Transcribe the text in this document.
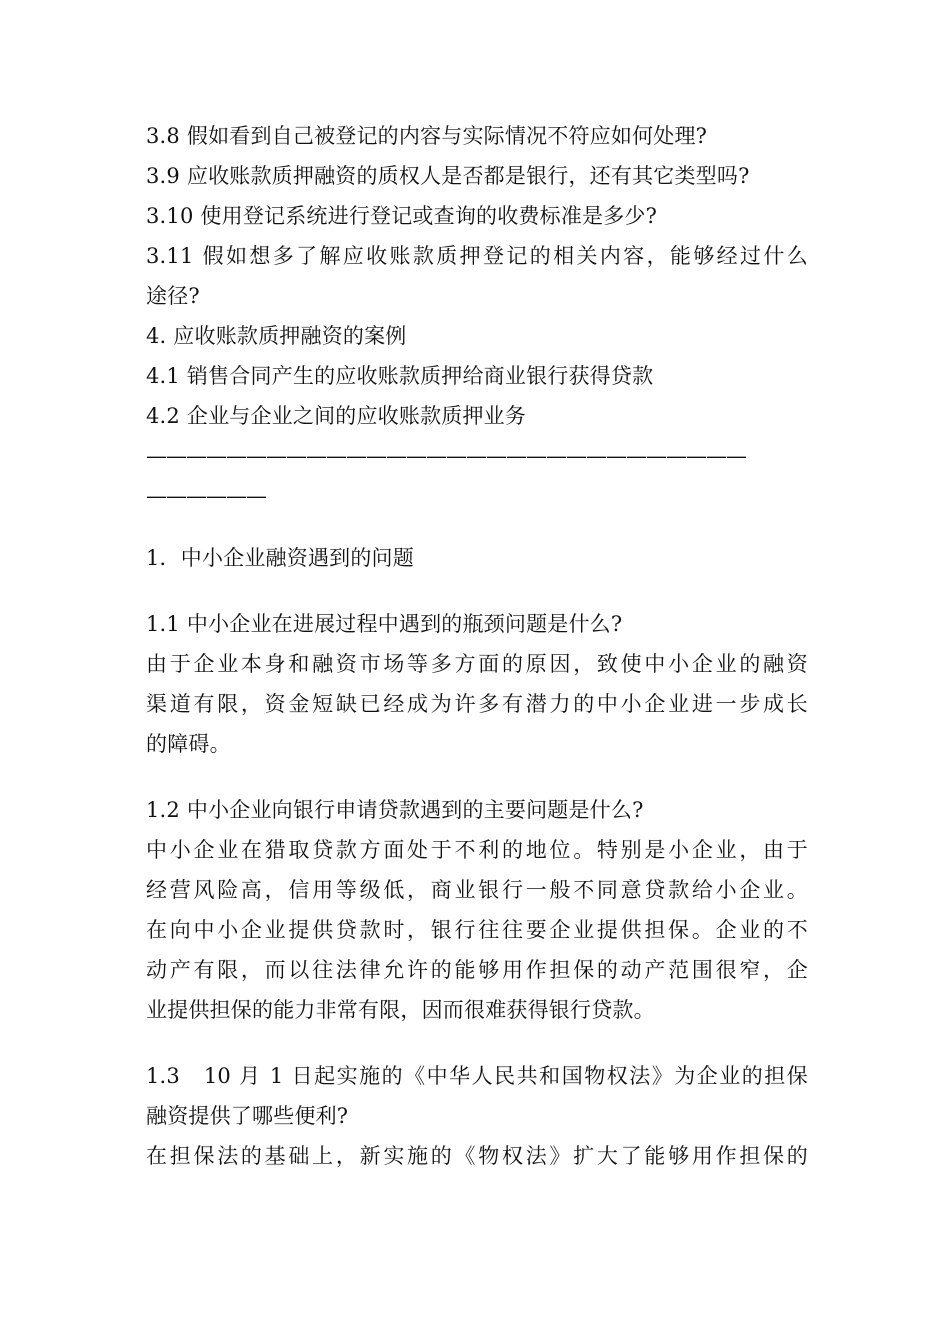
3.8 假如看到自己被登记的内容与实际情况不符应如何处理?
3.9 应收账款质押融资的质权人是否都是银行，还有其它类型吗?
3.10 使用登记系统进行登记或查询的收费标准是多少?
3.11 假如想多了解应收账款质押登记的相关内容，能够经过什么
途径?
4. 应收账款质押融资的案例
4.1 销售合同产生的应收账款质押给商业银行获得贷款
4.2 企业与企业之间的应收账款质押业务
——————————————————————————————
——————
1．中小企业融资遇到的问题
1.1 中小企业在进展过程中遇到的瓶颈问题是什么?
由于企业本身和融资市场等多方面的原因，致使中小企业的融资
渠道有限，资金短缺已经成为许多有潜力的中小企业进一步成长
的障碍。
1.2 中小企业向银行申请贷款遇到的主要问题是什么?
中小企业在猎取贷款方面处于不利的地位。特别是小企业，由于
经营风险高，信用等级低，商业银行一般不同意贷款给小企业。
在向中小企业提供贷款时，银行往往要企业提供担保。企业的不
动产有限，而以往法律允许的能够用作担保的动产范围很窄，企
业提供担保的能力非常有限，因而很难获得银行贷款。
1.3　10 月 1 日起实施的《中华人民共和国物权法》为企业的担保
融资提供了哪些便利?
在担保法的基础上，新实施的《物权法》扩大了能够用作担保的
